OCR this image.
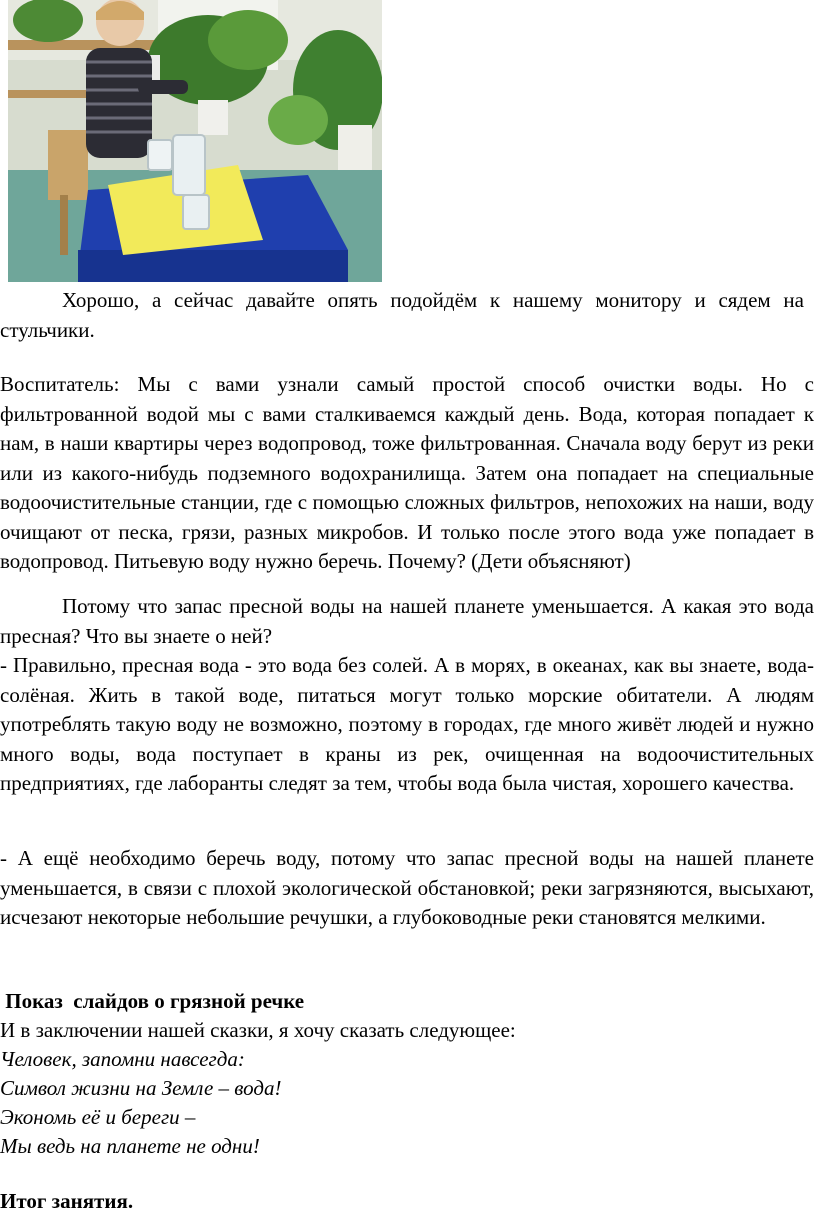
Хорошо, а сейчас давайте опять подойдём к нашему монитору и сядем на стульчики.

Воспитатель: Мы с вами узнали самый простой способ очистки воды. Но с фильтрованной водой мы с вами сталкиваемся каждый день. Вода, которая попадает к нам, в наши квартиры через водопровод, тоже фильтрованная. Сначала воду берут из реки или из какого-нибудь подземного водохранилища. Затем она попадает на специальные водоочистительные станции, где с помощью сложных фильтров, непохожих на наши, воду очищают от песка, грязи, разных микробов. И только после этого вода уже попадает в водопровод. Питьевую воду нужно беречь. Почему? (Дети объясняют)

Потому что запас пресной воды на нашей планете уменьшается. А какая это вода пресная? Что вы знаете о ней?

- Правильно, пресная вода - это вода без солей. А в морях, в океанах, как вы знаете, вода- солёная. Жить в такой воде, питаться могут только морские обитатели. А людям употреблять такую воду не возможно, поэтому в городах, где много живёт людей и нужно много воды, вода поступает в краны из рек, очищенная на водоочистительных предприятиях, где лаборанты следят за тем, чтобы вода была чистая, хорошего качества.

- А ещё необходимо беречь воду, потому что запас пресной воды на нашей планете уменьшается, в связи с плохой экологической обстановкой; реки загрязняются, высыхают, исчезают некоторые небольшие речушки, а глубоководные реки становятся мелкими.

Показ  слайдов о грязной речке

И в заключении нашей сказки, я хочу сказать следующее:

Человек, запомни навсегда:

Символ жизни на Земле – вода!

Экономь её и береги –

Мы ведь на планете не одни!

Итог занятия.
